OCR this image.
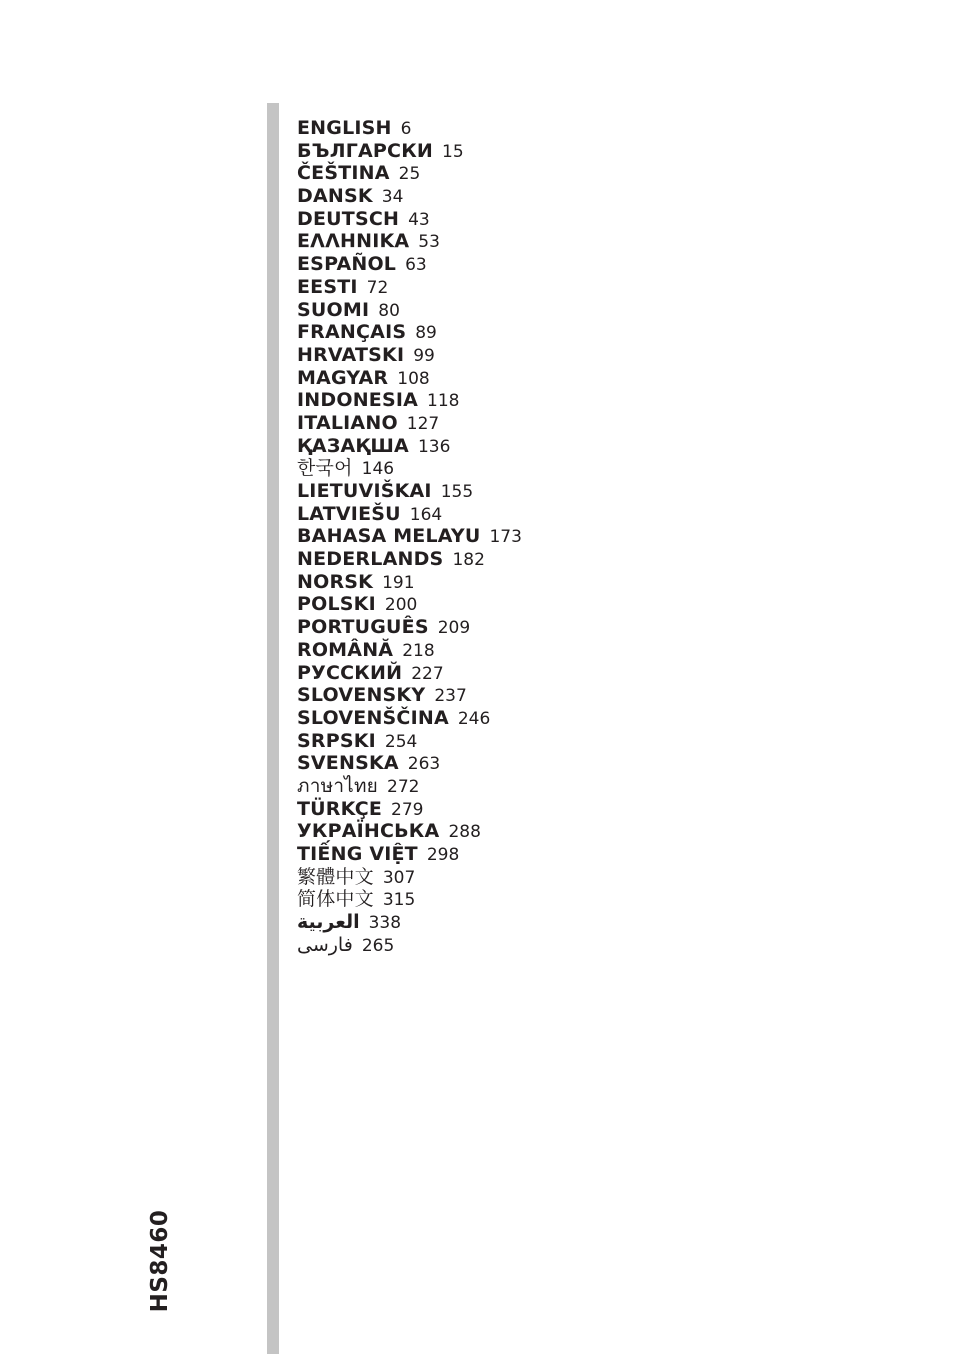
HS8460
ENGLISH 6
БЪЛГАРСКИ 15
ČEŠTINA 25
DANSK 34
DEUTSCH 43
ΕΛΛΗΝΙΚΑ 53
ESPAÑOL 63
EESTI 72
SUOMI 80
FRANÇAIS 89
HRVATSKI 99
MAGYAR 108
INDONESIA 118
ITALIANO 127
ҚАЗАҚША 136
한국어 146
LIETUVIŠKAI 155
LATVIEŠU 164
BAHASA MELAYU 173
NEDERLANDS 182
NORSK 191
POLSKI 200
PORTUGUÊS 209
ROMÂNĂ 218
РУССКИЙ 227
SLOVENSKY 237
SLOVENŠČINA 246
SRPSKI 254
SVENSKA 263
ภาษาไทย 272
TÜRKÇE 279
УКРАЇНСЬКА 288
TIẾNG VIỆT 298
繁體中文 307
简体中文 315
العربية 338
فارسی 265
